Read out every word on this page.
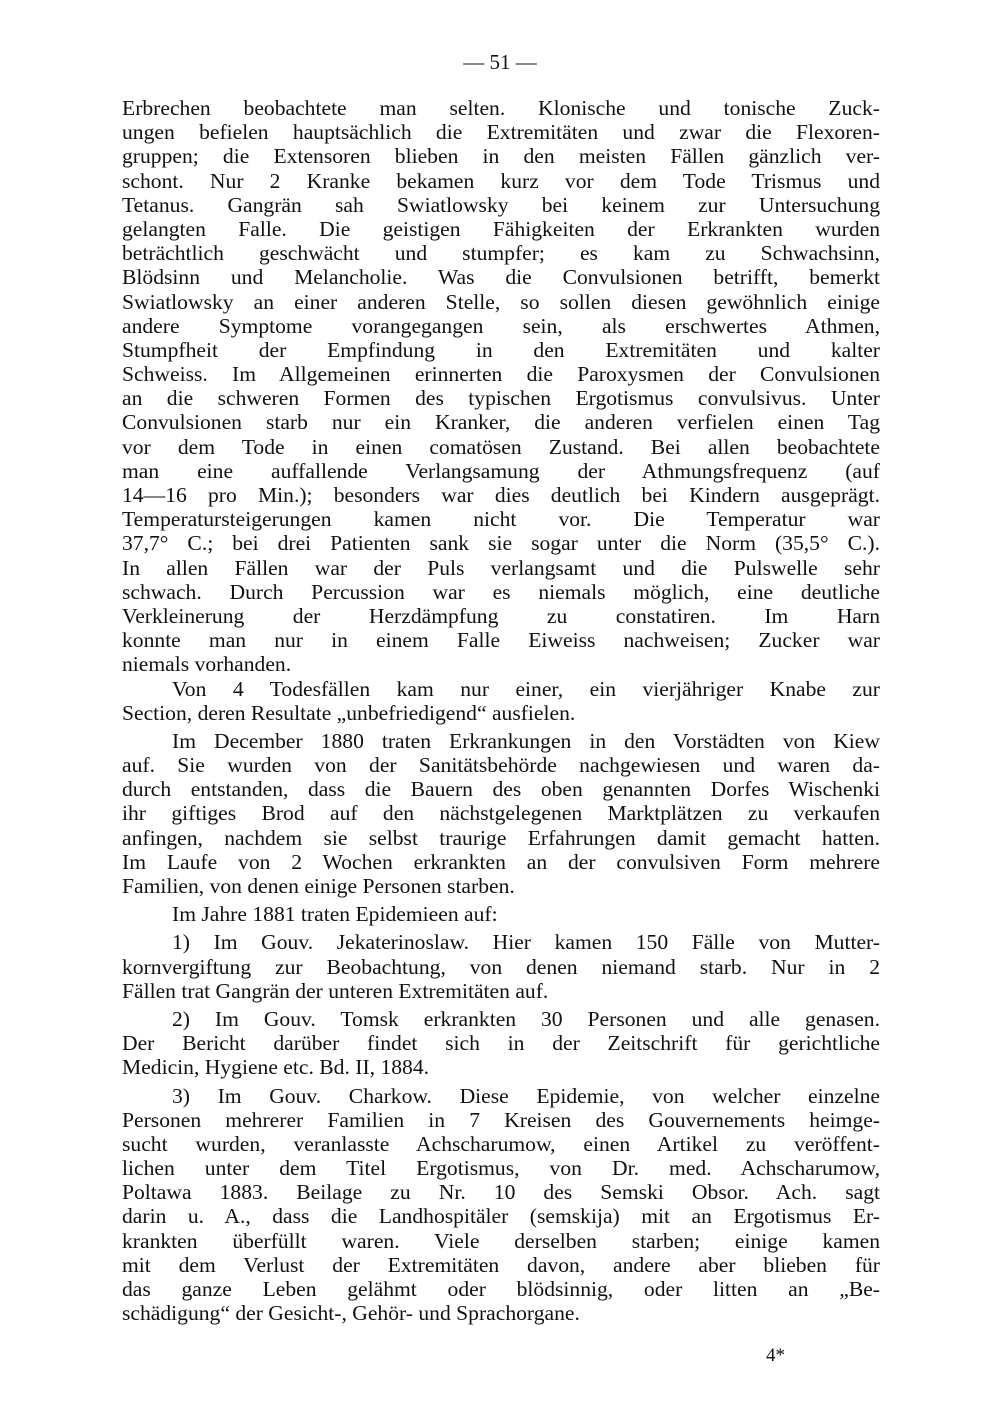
— 51 —
Erbrechen beobachtete man selten. Klonische und tonische Zuck-
ungen befielen hauptsächlich die Extremitäten und zwar die Flexoren-
gruppen; die Extensoren blieben in den meisten Fällen gänzlich ver-
schont. Nur 2 Kranke bekamen kurz vor dem Tode Trismus und
Tetanus. Gangrän sah Swiatlowsky bei keinem zur Untersuchung
gelangten Falle. Die geistigen Fähigkeiten der Erkrankten wurden
beträchtlich geschwächt und stumpfer; es kam zu Schwachsinn,
Blödsinn und Melancholie. Was die Convulsionen betrifft, bemerkt
Swiatlowsky an einer anderen Stelle, so sollen diesen gewöhnlich einige
andere Symptome vorangegangen sein, als erschwertes Athmen,
Stumpfheit der Empfindung in den Extremitäten und kalter
Schweiss. Im Allgemeinen erinnerten die Paroxysmen der Convulsionen
an die schweren Formen des typischen Ergotismus convulsivus. Unter
Convulsionen starb nur ein Kranker, die anderen verfielen einen Tag
vor dem Tode in einen comatösen Zustand. Bei allen beobachtete
man eine auffallende Verlangsamung der Athmungsfrequenz (auf
14—16 pro Min.); besonders war dies deutlich bei Kindern ausgeprägt.
Temperatursteigerungen kamen nicht vor. Die Temperatur war
37,7° C.; bei drei Patienten sank sie sogar unter die Norm (35,5° C.).
In allen Fällen war der Puls verlangsamt und die Pulswelle sehr
schwach. Durch Percussion war es niemals möglich, eine deutliche
Verkleinerung der Herzdämpfung zu constatiren. Im Harn
konnte man nur in einem Falle Eiweiss nachweisen; Zucker war
niemals vorhanden.
Von 4 Todesfällen kam nur einer, ein vierjähriger Knabe zur
Section, deren Resultate „unbefriedigend“ ausfielen.
Im December 1880 traten Erkrankungen in den Vorstädten von Kiew
auf. Sie wurden von der Sanitätsbehörde nachgewiesen und waren da-
durch entstanden, dass die Bauern des oben genannten Dorfes Wischenki
ihr giftiges Brod auf den nächstgelegenen Marktplätzen zu verkaufen
anfingen, nachdem sie selbst traurige Erfahrungen damit gemacht hatten.
Im Laufe von 2 Wochen erkrankten an der convulsiven Form mehrere
Familien, von denen einige Personen starben.
Im Jahre 1881 traten Epidemieen auf:
1) Im Gouv. Jekaterinoslaw. Hier kamen 150 Fälle von Mutter-
kornvergiftung zur Beobachtung, von denen niemand starb. Nur in 2
Fällen trat Gangrän der unteren Extremitäten auf.
2) Im Gouv. Tomsk erkrankten 30 Personen und alle genasen.
Der Bericht darüber findet sich in der Zeitschrift für gerichtliche
Medicin, Hygiene etc. Bd. II, 1884.
3) Im Gouv. Charkow. Diese Epidemie, von welcher einzelne
Personen mehrerer Familien in 7 Kreisen des Gouvernements heimge-
sucht wurden, veranlasste Achscharumow, einen Artikel zu veröffent-
lichen unter dem Titel Ergotismus, von Dr. med. Achscharumow,
Poltawa 1883. Beilage zu Nr. 10 des Semski Obsor. Ach. sagt
darin u. A., dass die Landhospitäler (semskija) mit an Ergotismus Er-
krankten überfüllt waren. Viele derselben starben; einige kamen
mit dem Verlust der Extremitäten davon, andere aber blieben für
das ganze Leben gelähmt oder blödsinnig, oder litten an „Be-
schädigung“ der Gesicht-, Gehör- und Sprachorgane.
4*
